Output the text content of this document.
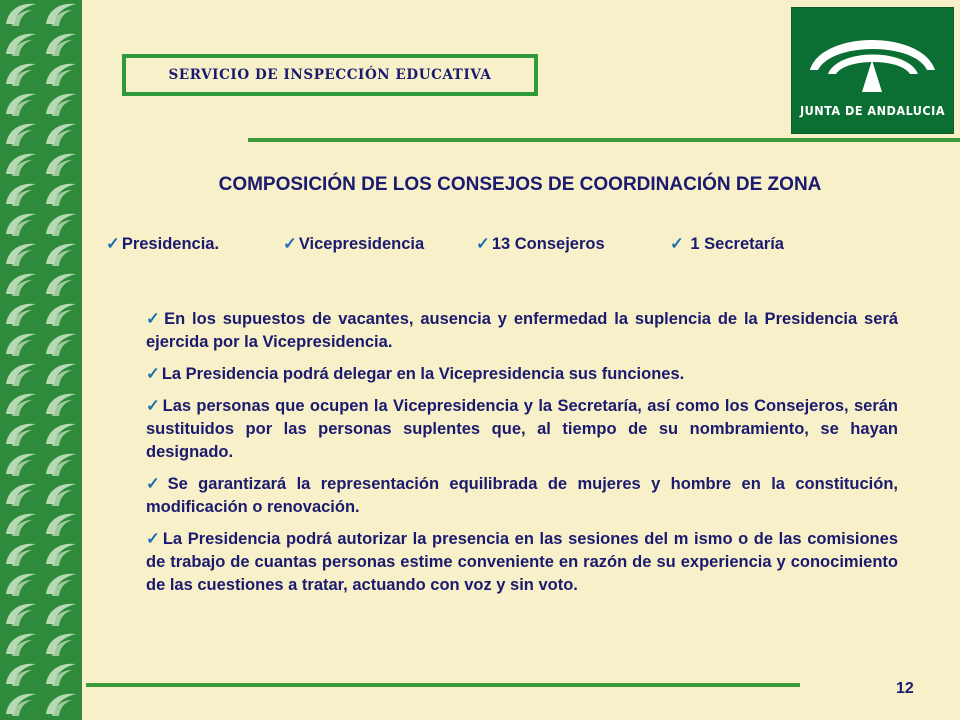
SERVICIO DE INSPECCIÓN EDUCATIVA
JUNTA DE ANDALUCIA
COMPOSICIÓN DE LOS CONSEJOS DE COORDINACIÓN DE ZONA
✓ Presidencia.	✓ Vicepresidencia	✓ 13 Consejeros	✓ 1 Secretaría

✓ En los supuestos de vacantes, ausencia y enfermedad la suplencia de la Presidencia será ejercida por la Vicepresidencia.

✓ La Presidencia podrá delegar en la Vicepresidencia sus funciones.

✓ Las personas que ocupen la Vicepresidencia y la Secretaría, así como los Consejeros, serán sustituidos por las personas suplentes que, al tiempo de su nombramiento, se hayan designado.

✓ Se garantizará la representación equilibrada de mujeres y hombre en la constitución, modificación o renovación.

✓ La Presidencia podrá autorizar la presencia en las sesiones del m ismo o de las comisiones de trabajo de cuantas personas estime conveniente en razón de su experiencia y conocimiento de las cuestiones a tratar, actuando con voz y sin voto.

12
